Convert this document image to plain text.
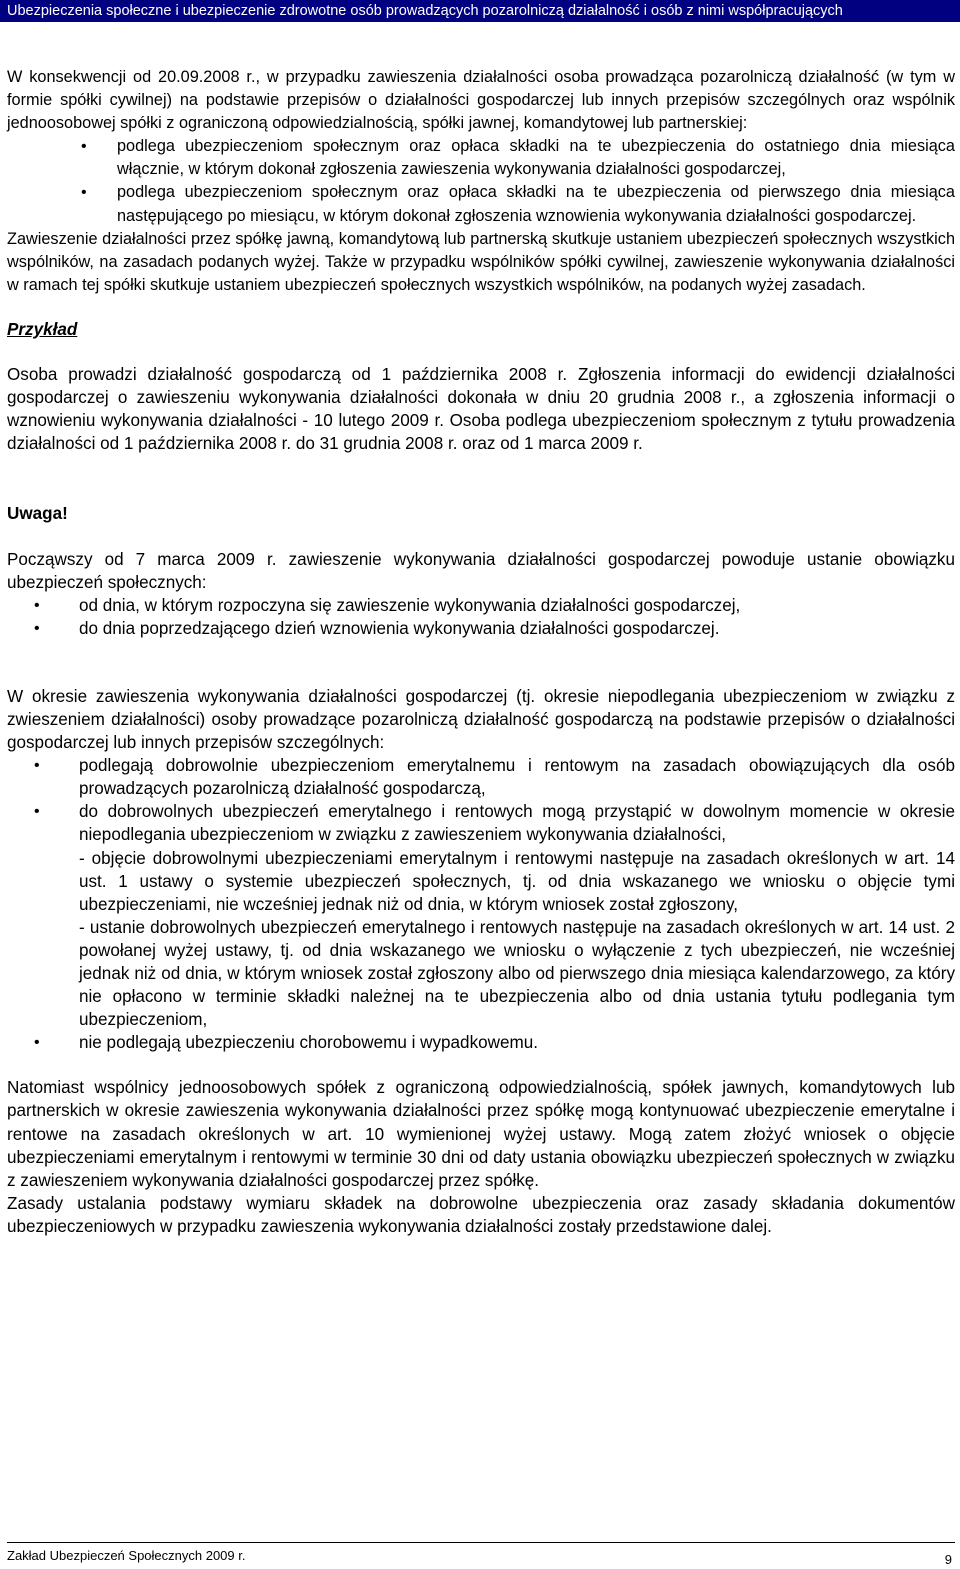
Ubezpieczenia społeczne i ubezpieczenie zdrowotne osób prowadzących pozarolniczą działalność i osób z nimi współpracujących

W konsekwencji od 20.09.2008 r., w przypadku zawieszenia działalności osoba prowadząca pozarolniczą działalność (w tym w formie spółki cywilnej) na podstawie przepisów o działalności gospodarczej lub innych przepisów szczególnych oraz wspólnik jednoosobowej spółki z ograniczoną odpowiedzialnością, spółki jawnej, komandytowej lub partnerskiej:

• podlega ubezpieczeniom społecznym oraz opłaca składki na te ubezpieczenia do ostatniego dnia miesiąca włącznie, w którym dokonał zgłoszenia zawieszenia wykonywania działalności gospodarczej,
• podlega ubezpieczeniom społecznym oraz opłaca składki na te ubezpieczenia od pierwszego dnia miesiąca następującego po miesiącu, w którym dokonał zgłoszenia wznowienia wykonywania działalności gospodarczej.

Zawieszenie działalności przez spółkę jawną, komandytową lub partnerską skutkuje ustaniem ubezpieczeń społecznych wszystkich wspólników, na zasadach podanych wyżej. Także w przypadku wspólników spółki cywilnej, zawieszenie wykonywania działalności w ramach tej spółki skutkuje ustaniem ubezpieczeń społecznych wszystkich wspólników, na podanych wyżej zasadach.

Przykład

Osoba prowadzi działalność gospodarczą od 1 października 2008 r. Zgłoszenia informacji do ewidencji działalności gospodarczej o zawieszeniu wykonywania działalności dokonała w dniu 20 grudnia 2008 r., a zgłoszenia informacji o wznowieniu wykonywania działalności - 10 lutego 2009 r. Osoba podlega ubezpieczeniom społecznym z tytułu prowadzenia działalności od 1 października 2008 r. do 31 grudnia 2008 r. oraz od 1 marca 2009 r.

Uwaga!

Począwszy od 7 marca 2009 r. zawieszenie wykonywania działalności gospodarczej powoduje ustanie obowiązku ubezpieczeń społecznych:

• od dnia, w którym rozpoczyna się zawieszenie wykonywania działalności gospodarczej,
• do dnia poprzedzającego dzień wznowienia wykonywania działalności gospodarczej.

W okresie zawieszenia wykonywania działalności gospodarczej (tj. okresie niepodlegania ubezpieczeniom w związku z zwieszeniem działalności) osoby prowadzące pozarolniczą działalność gospodarczą na podstawie przepisów o działalności gospodarczej lub innych przepisów szczególnych:

• podlegają dobrowolnie ubezpieczeniom emerytalnemu i rentowym na zasadach obowiązujących dla osób prowadzących pozarolniczą działalność gospodarczą,
• do dobrowolnych ubezpieczeń emerytalnego i rentowych mogą przystąpić w dowolnym momencie w okresie niepodlegania ubezpieczeniom w związku z zawieszeniem wykonywania działalności,

- objęcie dobrowolnymi ubezpieczeniami emerytalnym i rentowymi następuje na zasadach określonych w art. 14 ust. 1 ustawy o systemie ubezpieczeń społecznych, tj. od dnia wskazanego we wniosku o objęcie tymi ubezpieczeniami, nie wcześniej jednak niż od dnia, w którym wniosek został zgłoszony,

- ustanie dobrowolnych ubezpieczeń emerytalnego i rentowych następuje na zasadach określonych w art. 14 ust. 2 powołanej wyżej ustawy, tj. od dnia wskazanego we wniosku o wyłączenie z tych ubezpieczeń, nie wcześniej jednak niż od dnia, w którym wniosek został zgłoszony albo od pierwszego dnia miesiąca kalendarzowego, za który nie opłacono w terminie składki należnej na te ubezpieczenia albo od dnia ustania tytułu podlegania tym ubezpieczeniom,

• nie podlegają ubezpieczeniu chorobowemu i wypadkowemu.

Natomiast wspólnicy jednoosobowych spółek z ograniczoną odpowiedzialnością, spółek jawnych, komandytowych lub partnerskich w okresie zawieszenia wykonywania działalności przez spółkę mogą kontynuować ubezpieczenie emerytalne i rentowe na zasadach określonych w art. 10 wymienionej wyżej ustawy. Mogą zatem złożyć wniosek o objęcie ubezpieczeniami emerytalnym i rentowymi w terminie 30 dni od daty ustania obowiązku ubezpieczeń społecznych w związku z zawieszeniem wykonywania działalności gospodarczej przez spółkę.

Zasady ustalania podstawy wymiaru składek na dobrowolne ubezpieczenia oraz zasady składania dokumentów ubezpieczeniowych w przypadku zawieszenia wykonywania działalności zostały przedstawione dalej.

Zakład Ubezpieczeń Społecznych 2009 r.	9
